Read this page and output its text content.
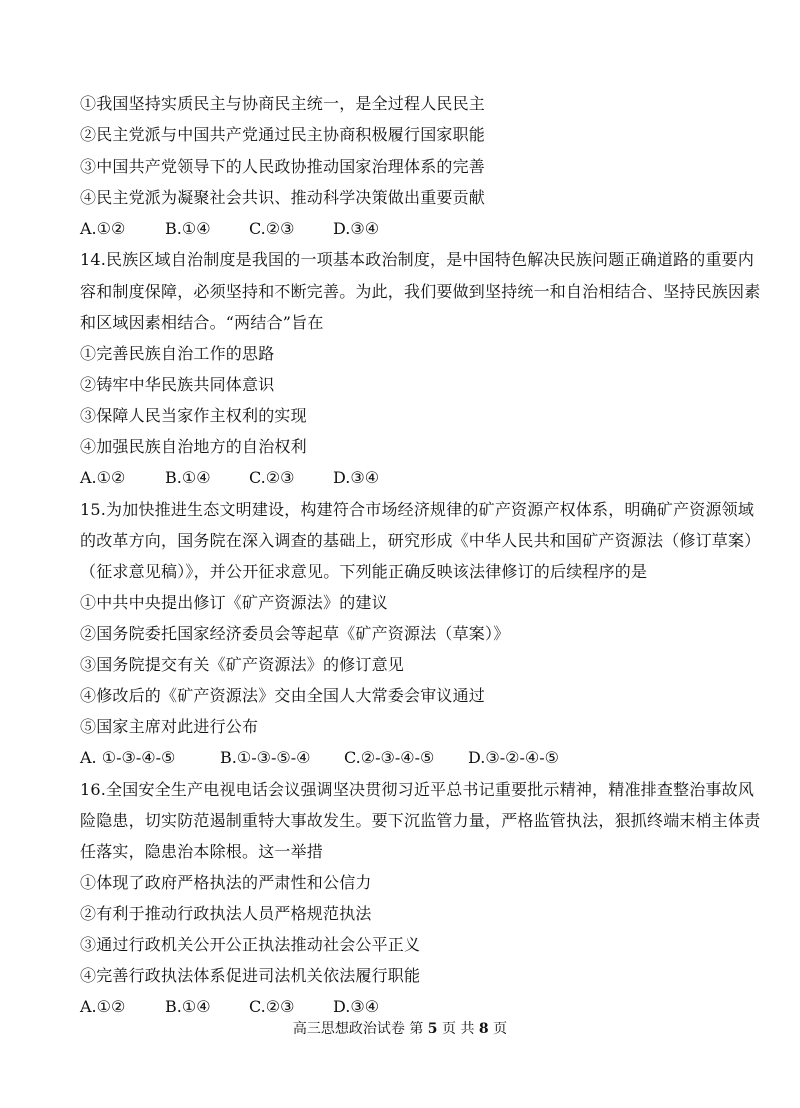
①我国坚持实质民主与协商民主统一，是全过程人民民主
②民主党派与中国共产党通过民主协商积极履行国家职能
③中国共产党领导下的人民政协推动国家治理体系的完善
④民主党派为凝聚社会共识、推动科学决策做出重要贡献
A.①② B.①④ C.②③ D.③④
14.民族区域自治制度是我国的一项基本政治制度，是中国特色解决民族问题正确道路的重要内
容和制度保障，必须坚持和不断完善。为此，我们要做到坚持统一和自治相结合、坚持民族因素
和区域因素相结合。“两结合”旨在
①完善民族自治工作的思路
②铸牢中华民族共同体意识
③保障人民当家作主权利的实现
④加强民族自治地方的自治权利
A.①② B.①④ C.②③ D.③④
15.为加快推进生态文明建设，构建符合市场经济规律的矿产资源产权体系，明确矿产资源领域
的改革方向，国务院在深入调查的基础上，研究形成《中华人民共和国矿产资源法（修订草案）
（征求意见稿）》，并公开征求意见。下列能正确反映该法律修订的后续程序的是
①中共中央提出修订《矿产资源法》的建议
②国务院委托国家经济委员会等起草《矿产资源法（草案）》
③国务院提交有关《矿产资源法》的修订意见
④修改后的《矿产资源法》交由全国人大常委会审议通过
⑤国家主席对此进行公布
A. ①-③-④-⑤	B.①-③-⑤-④ C.②-③-④-⑤ D.③-②-④-⑤
16.全国安全生产电视电话会议强调坚决贯彻习近平总书记重要批示精神，精准排查整治事故风
险隐患，切实防范遏制重特大事故发生。要下沉监管力量，严格监管执法，狠抓终端末梢主体责
任落实，隐患治本除根。这一举措
①体现了政府严格执法的严肃性和公信力
②有利于推动行政执法人员严格规范执法
③通过行政机关公开公正执法推动社会公平正义
④完善行政执法体系促进司法机关依法履行职能
A.①② B.①④ C.②③ D.③④
高三思想政治试卷 第 5 页 共 8 页
